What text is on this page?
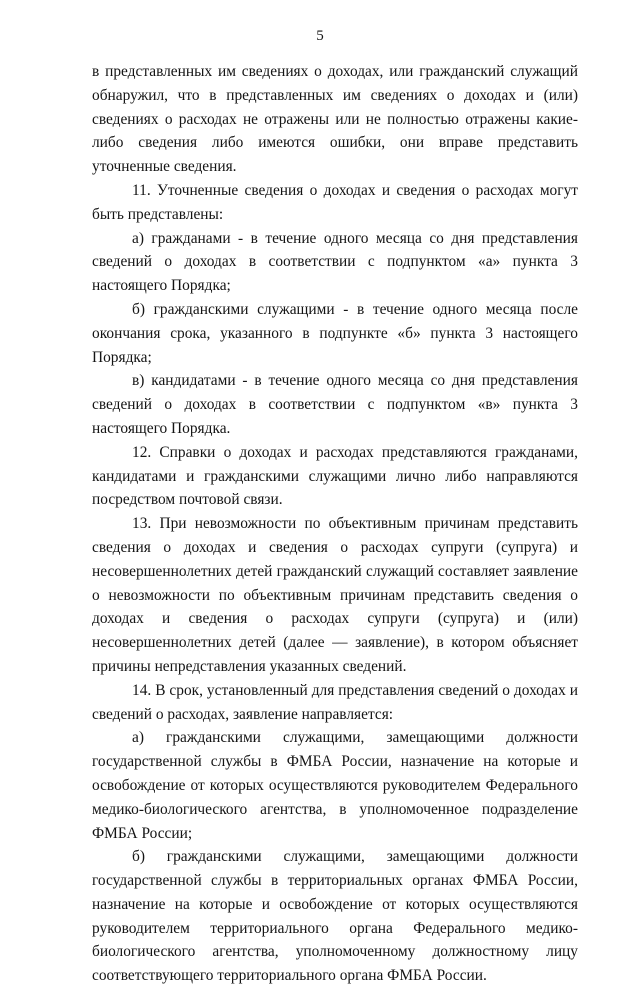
5

в представленных им сведениях о доходах, или гражданский служащий обнаружил, что в представленных им сведениях о доходах и (или) сведениях о расходах не отражены или не полностью отражены какие-либо сведения либо имеются ошибки, они вправе представить уточненные сведения.

11. Уточненные сведения о доходах и сведения о расходах могут быть представлены:

а) гражданами - в течение одного месяца со дня представления сведений о доходах в соответствии с подпунктом «а» пункта 3 настоящего Порядка;

б) гражданскими служащими - в течение одного месяца после окончания срока, указанного в подпункте «б» пункта 3 настоящего Порядка;

в) кандидатами - в течение одного месяца со дня представления сведений о доходах в соответствии с подпунктом «в» пункта 3 настоящего Порядка.

12. Справки о доходах и расходах представляются гражданами, кандидатами и гражданскими служащими лично либо направляются посредством почтовой связи.

13. При невозможности по объективным причинам представить сведения о доходах и сведения о расходах супруги (супруга) и несовершеннолетних детей гражданский служащий составляет заявление о невозможности по объективным причинам представить сведения о доходах и сведения о расходах супруги (супруга) и (или) несовершеннолетних детей (далее — заявление), в котором объясняет причины непредставления указанных сведений.

14. В срок, установленный для представления сведений о доходах и сведений о расходах, заявление направляется:

а) гражданскими служащими, замещающими должности государственной службы в ФМБА России, назначение на которые и освобождение от которых осуществляются руководителем Федерального медико-биологического агентства, в уполномоченное подразделение ФМБА России;

б) гражданскими служащими, замещающими должности государственной службы в территориальных органах ФМБА России, назначение на которые и освобождение от которых осуществляются руководителем территориального органа Федерального медико-биологического агентства, уполномоченному должностному лицу соответствующего территориального органа ФМБА России.
